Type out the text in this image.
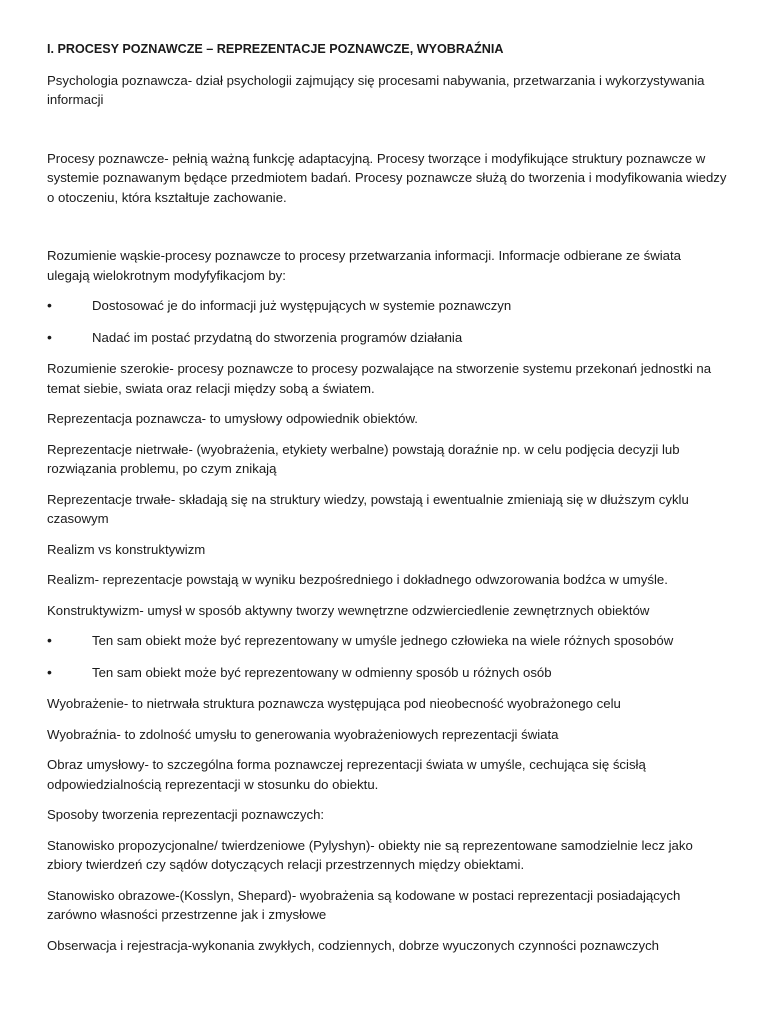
I. PROCESY POZNAWCZE – REPREZENTACJE POZNAWCZE, WYOBRAŹNIA
Psychologia poznawcza- dział psychologii zajmujący się procesami nabywania, przetwarzania i wykorzystywania informacji
Procesy poznawcze- pełnią ważną funkcję adaptacyjną. Procesy tworzące i modyfikujące struktury poznawcze w systemie poznawanym będące przedmiotem badań. Procesy poznawcze służą do tworzenia i modyfikowania wiedzy o otoczeniu, która kształtuje zachowanie.
Rozumienie wąskie-procesy poznawcze to procesy przetwarzania informacji. Informacje odbierane ze świata ulegają wielokrotnym modyfyfikacjom by:
•	Dostosować je do informacji już występujących w systemie poznawczyn
•	Nadać im postać przydatną do stworzenia programów działania
Rozumienie szerokie- procesy poznawcze to procesy pozwalające na stworzenie systemu przekonań jednostki na temat siebie, swiata oraz relacji między sobą a światem.
Reprezentacja poznawcza- to umysłowy odpowiednik obiektów.
Reprezentacje nietrwałe- (wyobrażenia, etykiety werbalne) powstają doraźnie np. w celu podjęcia decyzji lub rozwiązania problemu, po czym znikają
Reprezentacje trwałe- składają się na struktury wiedzy, powstają i ewentualnie zmieniają się w dłuższym cyklu czasowym
Realizm vs konstruktywizm
Realizm- reprezentacje powstają w wyniku bezpośredniego i dokładnego odwzorowania bodźca w umyśle.
Konstruktywizm- umysł w sposób aktywny tworzy wewnętrzne odzwierciedlenie zewnętrznych obiektów
•	Ten sam obiekt może być reprezentowany w umyśle jednego człowieka na wiele różnych sposobów
•	Ten sam obiekt może być reprezentowany w odmienny sposób u różnych osób
Wyobrażenie- to nietrwała struktura poznawcza występująca pod nieobecność wyobrażonego celu
Wyobraźnia- to zdolność umysłu to generowania wyobrażeniowych reprezentacji świata
Obraz umysłowy- to szczególna forma poznawczej reprezentacji świata w umyśle, cechująca się ścisłą odpowiedzialnością reprezentacji w stosunku do obiektu.
Sposoby tworzenia reprezentacji poznawczych:
Stanowisko propozycjonalne/ twierdzeniowe (Pylyshyn)- obiekty nie są reprezentowane samodzielnie lecz jako zbiory twierdzeń czy sądów dotyczących relacji przestrzennych między obiektami.
Stanowisko obrazowe-(Kosslyn, Shepard)- wyobrażenia są kodowane w postaci reprezentacji posiadających zarówno własności przestrzenne jak i zmysłowe
Obserwacja i rejestracja-wykonania zwykłych, codziennych, dobrze wyuczonych czynności poznawczych
